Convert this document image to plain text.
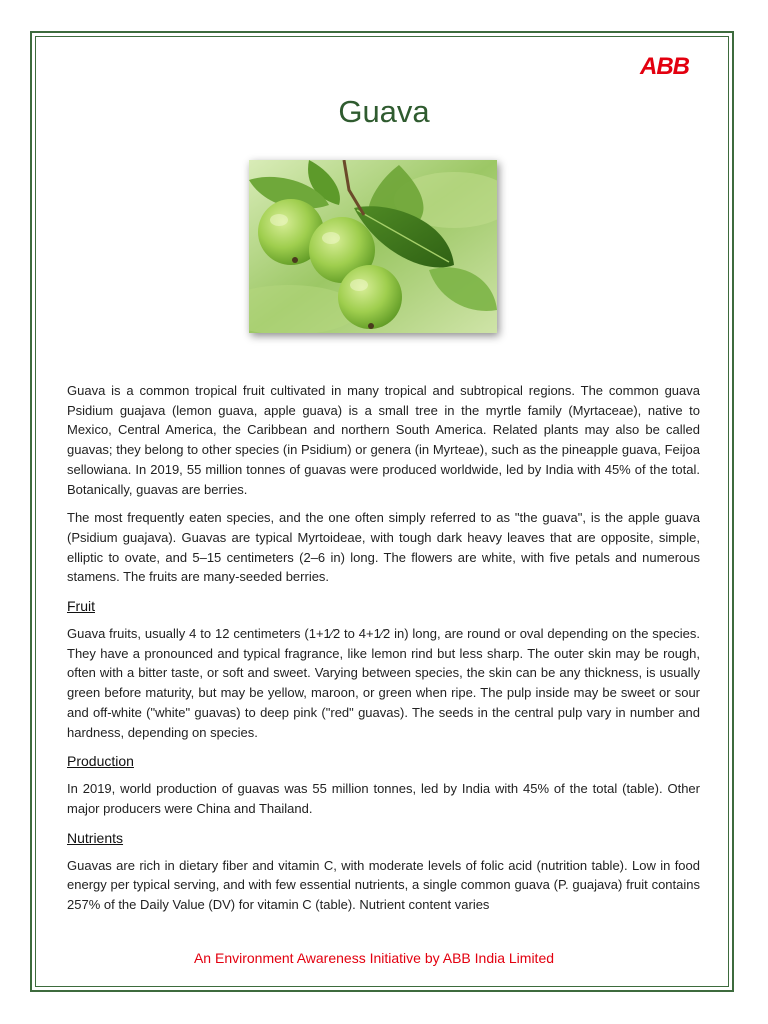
ABB
Guava

Guava is a common tropical fruit cultivated in many tropical and subtropical regions. The common guava Psidium guajava (lemon guava, apple guava) is a small tree in the myrtle family (Myrtaceae), native to Mexico, Central America, the Caribbean and northern South America. Related plants may also be called guavas; they belong to other species (in Psidium) or genera (in Myrteae), such as the pineapple guava, Feijoa sellowiana. In 2019, 55 million tonnes of guavas were produced worldwide, led by India with 45% of the total. Botanically, guavas are berries.

The most frequently eaten species, and the one often simply referred to as "the guava", is the apple guava (Psidium guajava). Guavas are typical Myrtoideae, with tough dark heavy leaves that are opposite, simple, elliptic to ovate, and 5–15 centimeters (2–6 in) long. The flowers are white, with five petals and numerous stamens. The fruits are many-seeded berries.

Fruit

Guava fruits, usually 4 to 12 centimeters (1+1⁄2 to 4+1⁄2 in) long, are round or oval depending on the species. They have a pronounced and typical fragrance, like lemon rind but less sharp. The outer skin may be rough, often with a bitter taste, or soft and sweet. Varying between species, the skin can be any thickness, is usually green before maturity, but may be yellow, maroon, or green when ripe. The pulp inside may be sweet or sour and off-white ("white" guavas) to deep pink ("red" guavas). The seeds in the central pulp vary in number and hardness, depending on species.

Production

In 2019, world production of guavas was 55 million tonnes, led by India with 45% of the total (table). Other major producers were China and Thailand.

Nutrients

Guavas are rich in dietary fiber and vitamin C, with moderate levels of folic acid (nutrition table). Low in food energy per typical serving, and with few essential nutrients, a single common guava (P. guajava) fruit contains 257% of the Daily Value (DV) for vitamin C (table). Nutrient content varies

An Environment Awareness Initiative by ABB India Limited
